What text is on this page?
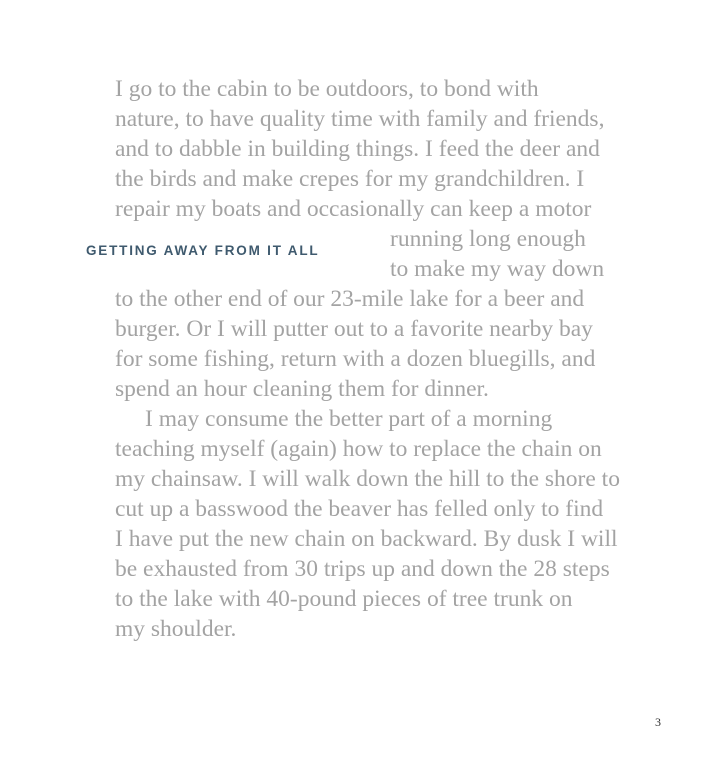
I go to the cabin to be outdoors, to bond with

nature, to have quality time with family and friends,

and to dabble in building things. I feed the deer and

the birds and make crepes for my grandchildren. I

repair my boats and occasionally can keep a motor

GETTING AWAY FROM IT ALL	running long enough

to make my way down

to the other end of our 23-mile lake for a beer and

burger. Or I will putter out to a favorite nearby bay

for some fishing, return with a dozen bluegills, and

spend an hour cleaning them for dinner.

I may consume the better part of a morning

teaching myself (again) how to replace the chain on

my chainsaw. I will walk down the hill to the shore to

cut up a basswood the beaver has felled only to find

I have put the new chain on backward. By dusk I will

be exhausted from 30 trips up and down the 28 steps

to the lake with 40-pound pieces of tree trunk on

my shoulder.

3
